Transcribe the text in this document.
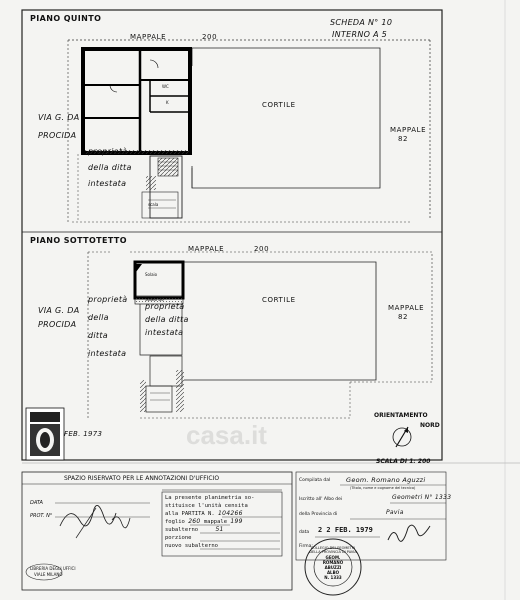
PIANO QUINTO	SCHEDA N° 10
INTERNO A 5
MAPPALE	200
WC
K	CORTILE
VIA G. DA
PROCIDA
MAPPALE
82
proprietà
della ditta
intestata
scala
PIANO SOTTOTETTO
MAPPALE	200
Solaio
Solaio B6
proprietà
della
ditta
intestata
proprietà
della ditta
intestata
CORTILE
VIA G. DA
PROCIDA
MAPPALE
82
FEB. 1973
ORIENTAMENTO
NORD
SCALA DI 1: 200
casa.it
SPAZIO RISERVATO PER LE ANNOTAZIONI D'UFFICIO
DATA
PROT. N°
La presente planimetria so-
stituisce l'unità censita
alla PARTITA N. 104266
foglio 260 mappale 199
subalterno	51
porzione
nuovo subalterno
LIBRERIA DEGLI UFFICI
VIALE MILANO
Compilata dal Geom. Romano Aguzzi
(Titolo, nome e cognome del tecnico)
Iscritto all' Albo dei	Geometri N° 1333
della Provincia di	Pavia
data 2 2 FEB. 1979
Firma:
COLLEGIO DEI GEOMETRI DELLA PROVINCIA DI PAVIA
GEOM.
ROMANO
ABUZZI
ALBO
N. 1333
